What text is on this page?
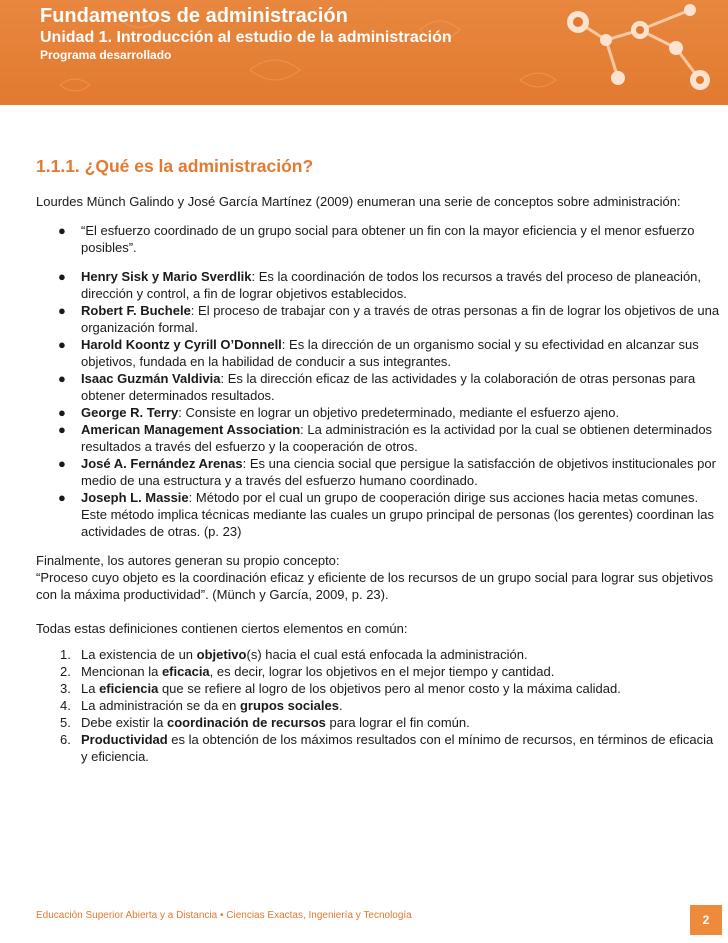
Fundamentos de administración

Unidad 1. Introducción al estudio de la administración

Programa desarrollado

1.1.1. ¿Qué es la administración?

Lourdes Münch Galindo y José García Martínez (2009) enumeran una serie de conceptos sobre administración:

● “El esfuerzo coordinado de un grupo social para obtener un fin con la mayor eficiencia y el menor esfuerzo posibles”.
● Henry Sisk y Mario Sverdlik: Es la coordinación de todos los recursos a través del proceso de planeación, dirección y control, a fin de lograr objetivos establecidos.
● Robert F. Buchele: El proceso de trabajar con y a través de otras personas a fin de lograr los objetivos de una organización formal.
● Harold Koontz y Cyrill O’Donnell: Es la dirección de un organismo social y su efectividad en alcanzar sus objetivos, fundada en la habilidad de conducir a sus integrantes.
● Isaac Guzmán Valdivia: Es la dirección eficaz de las actividades y la colaboración de otras personas para obtener determinados resultados.
● George R. Terry: Consiste en lograr un objetivo predeterminado, mediante el esfuerzo ajeno.
● American Management Association: La administración es la actividad por la cual se obtienen determinados resultados a través del esfuerzo y la cooperación de otros.
● José A. Fernández Arenas: Es una ciencia social que persigue la satisfacción de objetivos institucionales por medio de una estructura y a través del esfuerzo humano coordinado.
● Joseph L. Massie: Método por el cual un grupo de cooperación dirige sus acciones hacia metas comunes. Este método implica técnicas mediante las cuales un grupo principal de personas (los gerentes) coordinan las actividades de otras. (p. 23)

Finalmente, los autores generan su propio concepto:

“Proceso cuyo objeto es la coordinación eficaz y eficiente de los recursos de un grupo social para lograr sus objetivos con la máxima productividad”. (Münch y García, 2009, p. 23).

Todas estas definiciones contienen ciertos elementos en común:

1. La existencia de un objetivo(s) hacia el cual está enfocada la administración.
2. Mencionan la eficacia, es decir, lograr los objetivos en el mejor tiempo y cantidad.
3. La eficiencia que se refiere al logro de los objetivos pero al menor costo y la máxima calidad.
4. La administración se da en grupos sociales.
5. Debe existir la coordinación de recursos para lograr el fin común.
6. Productividad es la obtención de los máximos resultados con el mínimo de recursos, en términos de eficacia y eficiencia.
Educación Superior Abierta y a Distancia • Ciencias Exactas, Ingeniería y Tecnología	2
